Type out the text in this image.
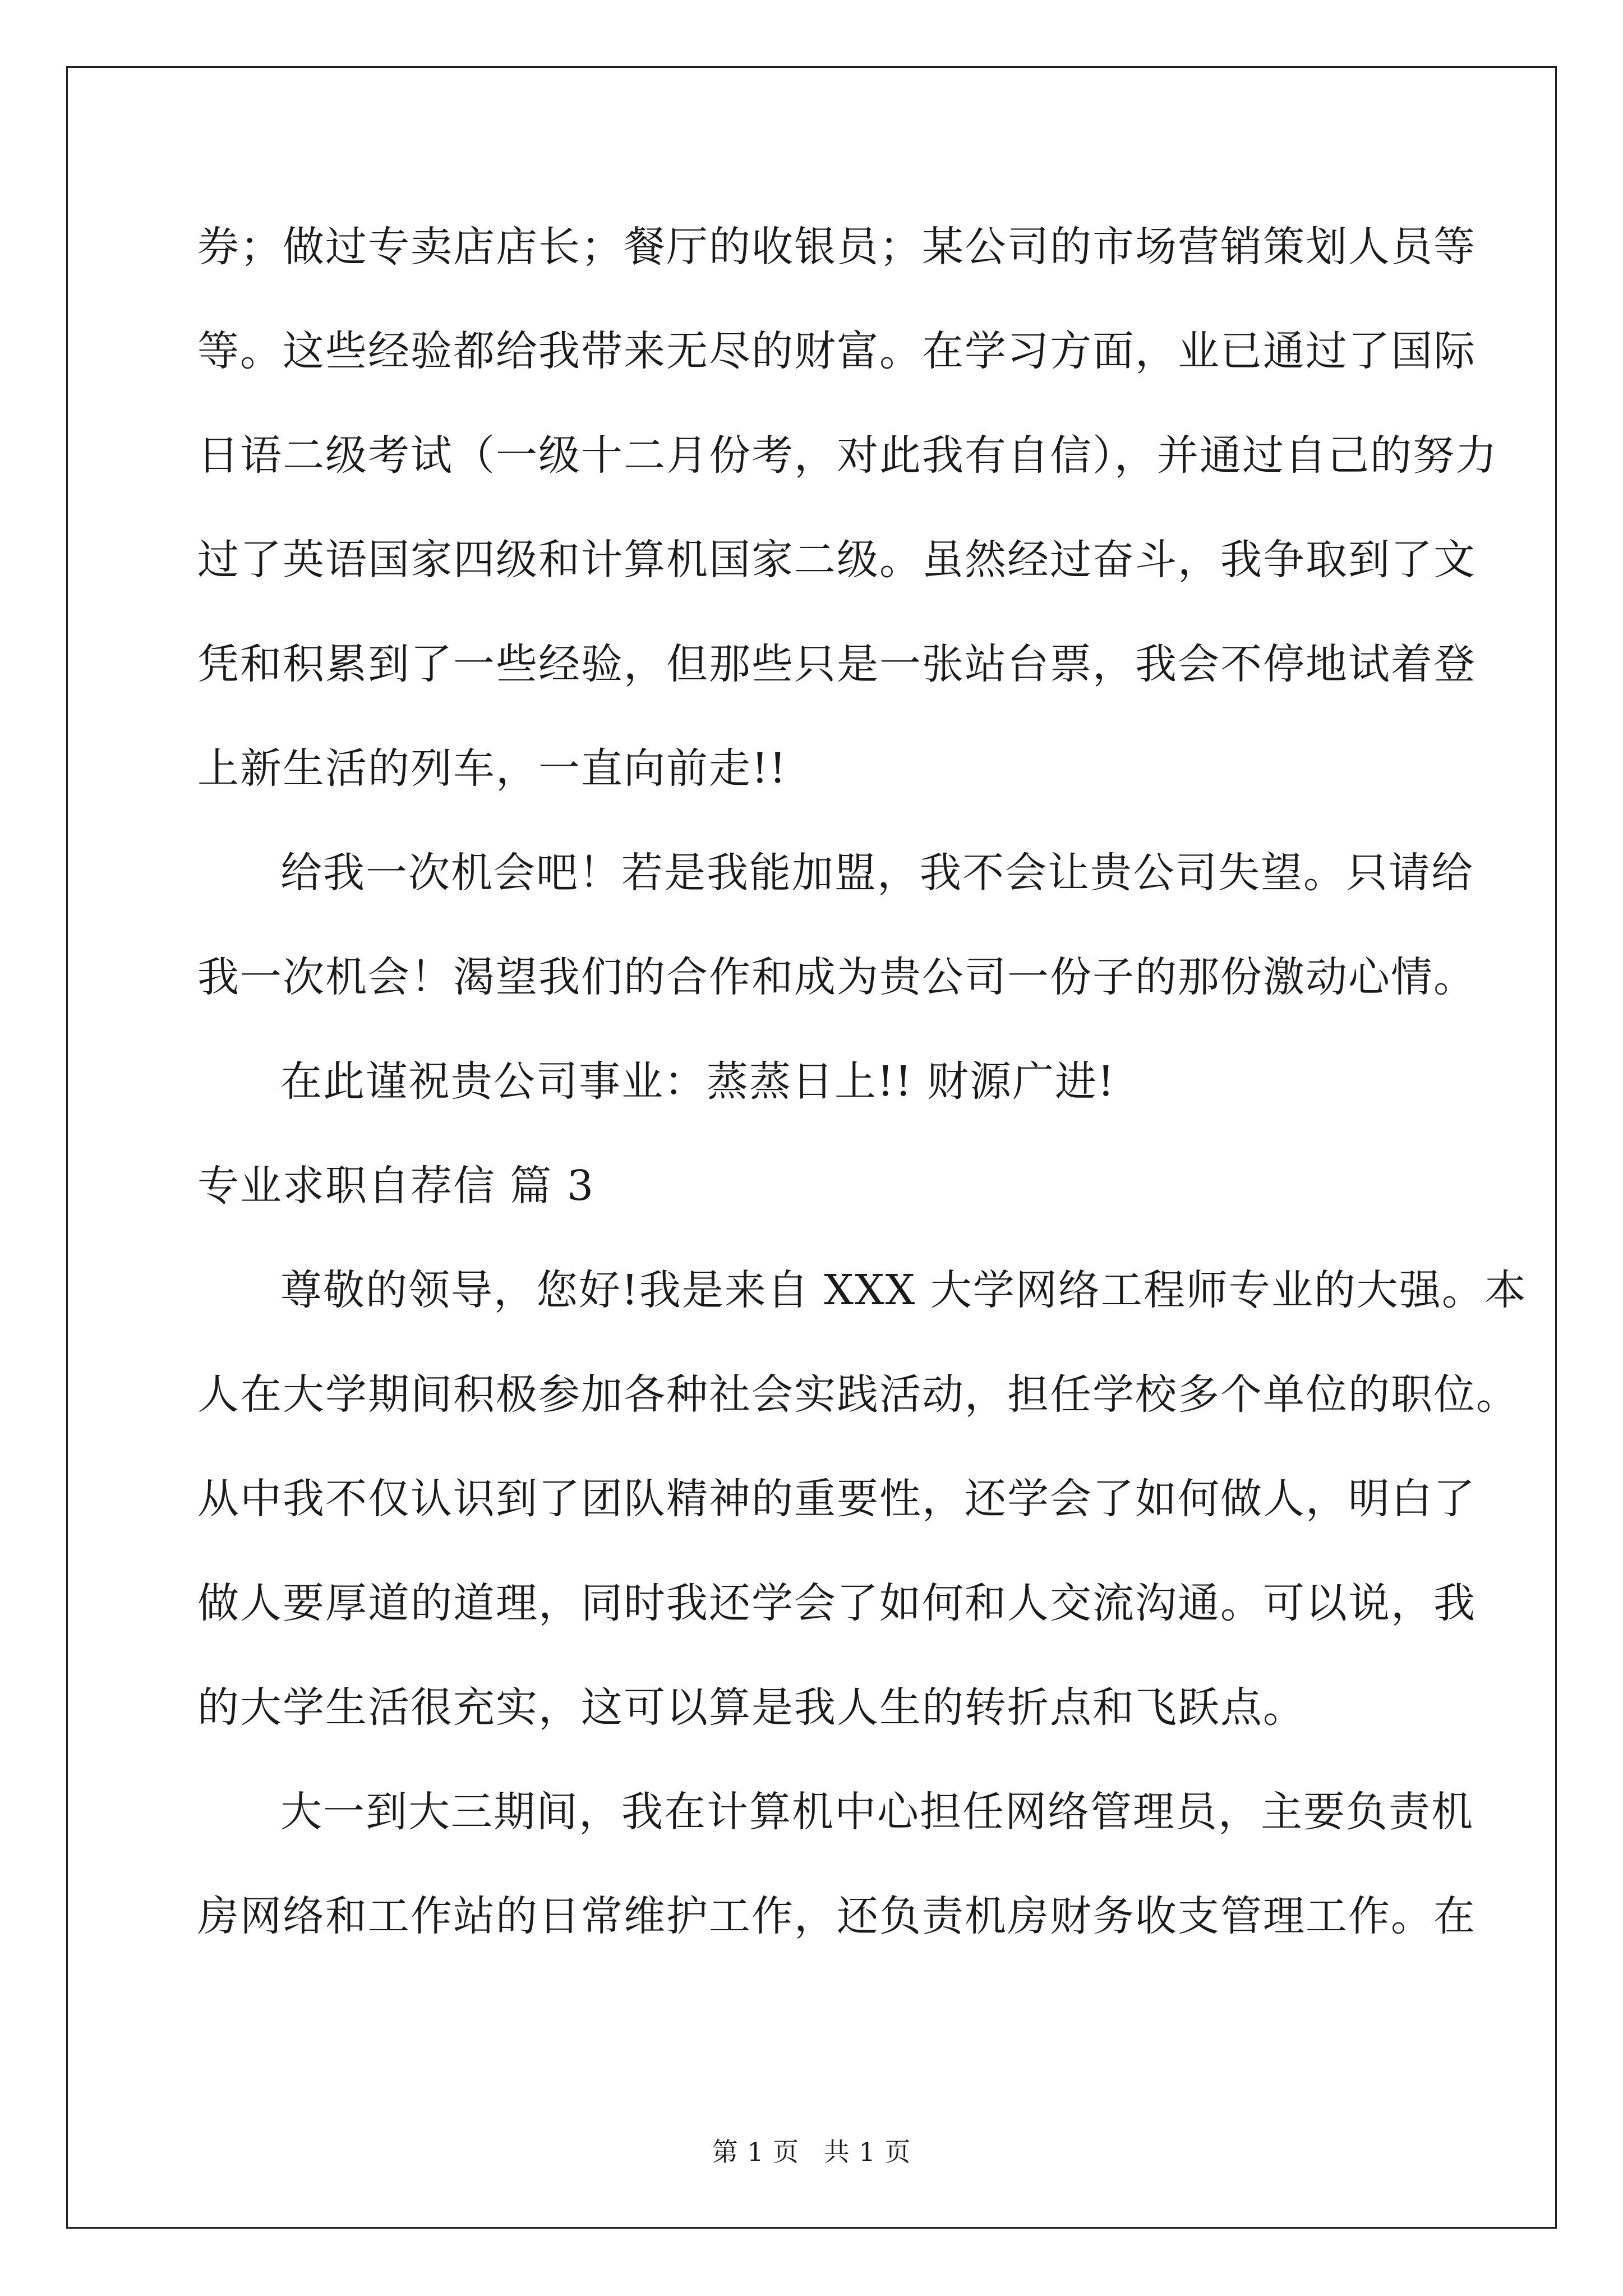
券；做过专卖店店长；餐厅的收银员；某公司的市场营销策划人员等
等。这些经验都给我带来无尽的财富。在学习方面，业已通过了国际
日语二级考试（一级十二月份考，对此我有自信），并通过自己的努力
过了英语国家四级和计算机国家二级。虽然经过奋斗，我争取到了文
凭和积累到了一些经验，但那些只是一张站台票，我会不停地试着登
上新生活的列车，一直向前走!!
给我一次机会吧！若是我能加盟，我不会让贵公司失望。只请给
我一次机会！渴望我们的合作和成为贵公司一份子的那份激动心情。
在此谨祝贵公司事业：蒸蒸日上!! 财源广进!
专业求职自荐信 篇 3
尊敬的领导，您好!我是来自 XXX 大学网络工程师专业的大强。本
人在大学期间积极参加各种社会实践活动，担任学校多个单位的职位。
从中我不仅认识到了团队精神的重要性，还学会了如何做人，明白了
做人要厚道的道理，同时我还学会了如何和人交流沟通。可以说，我
的大学生活很充实，这可以算是我人生的转折点和飞跃点。
大一到大三期间，我在计算机中心担任网络管理员，主要负责机
房网络和工作站的日常维护工作，还负责机房财务收支管理工作。在
第 1 页 共 1 页
